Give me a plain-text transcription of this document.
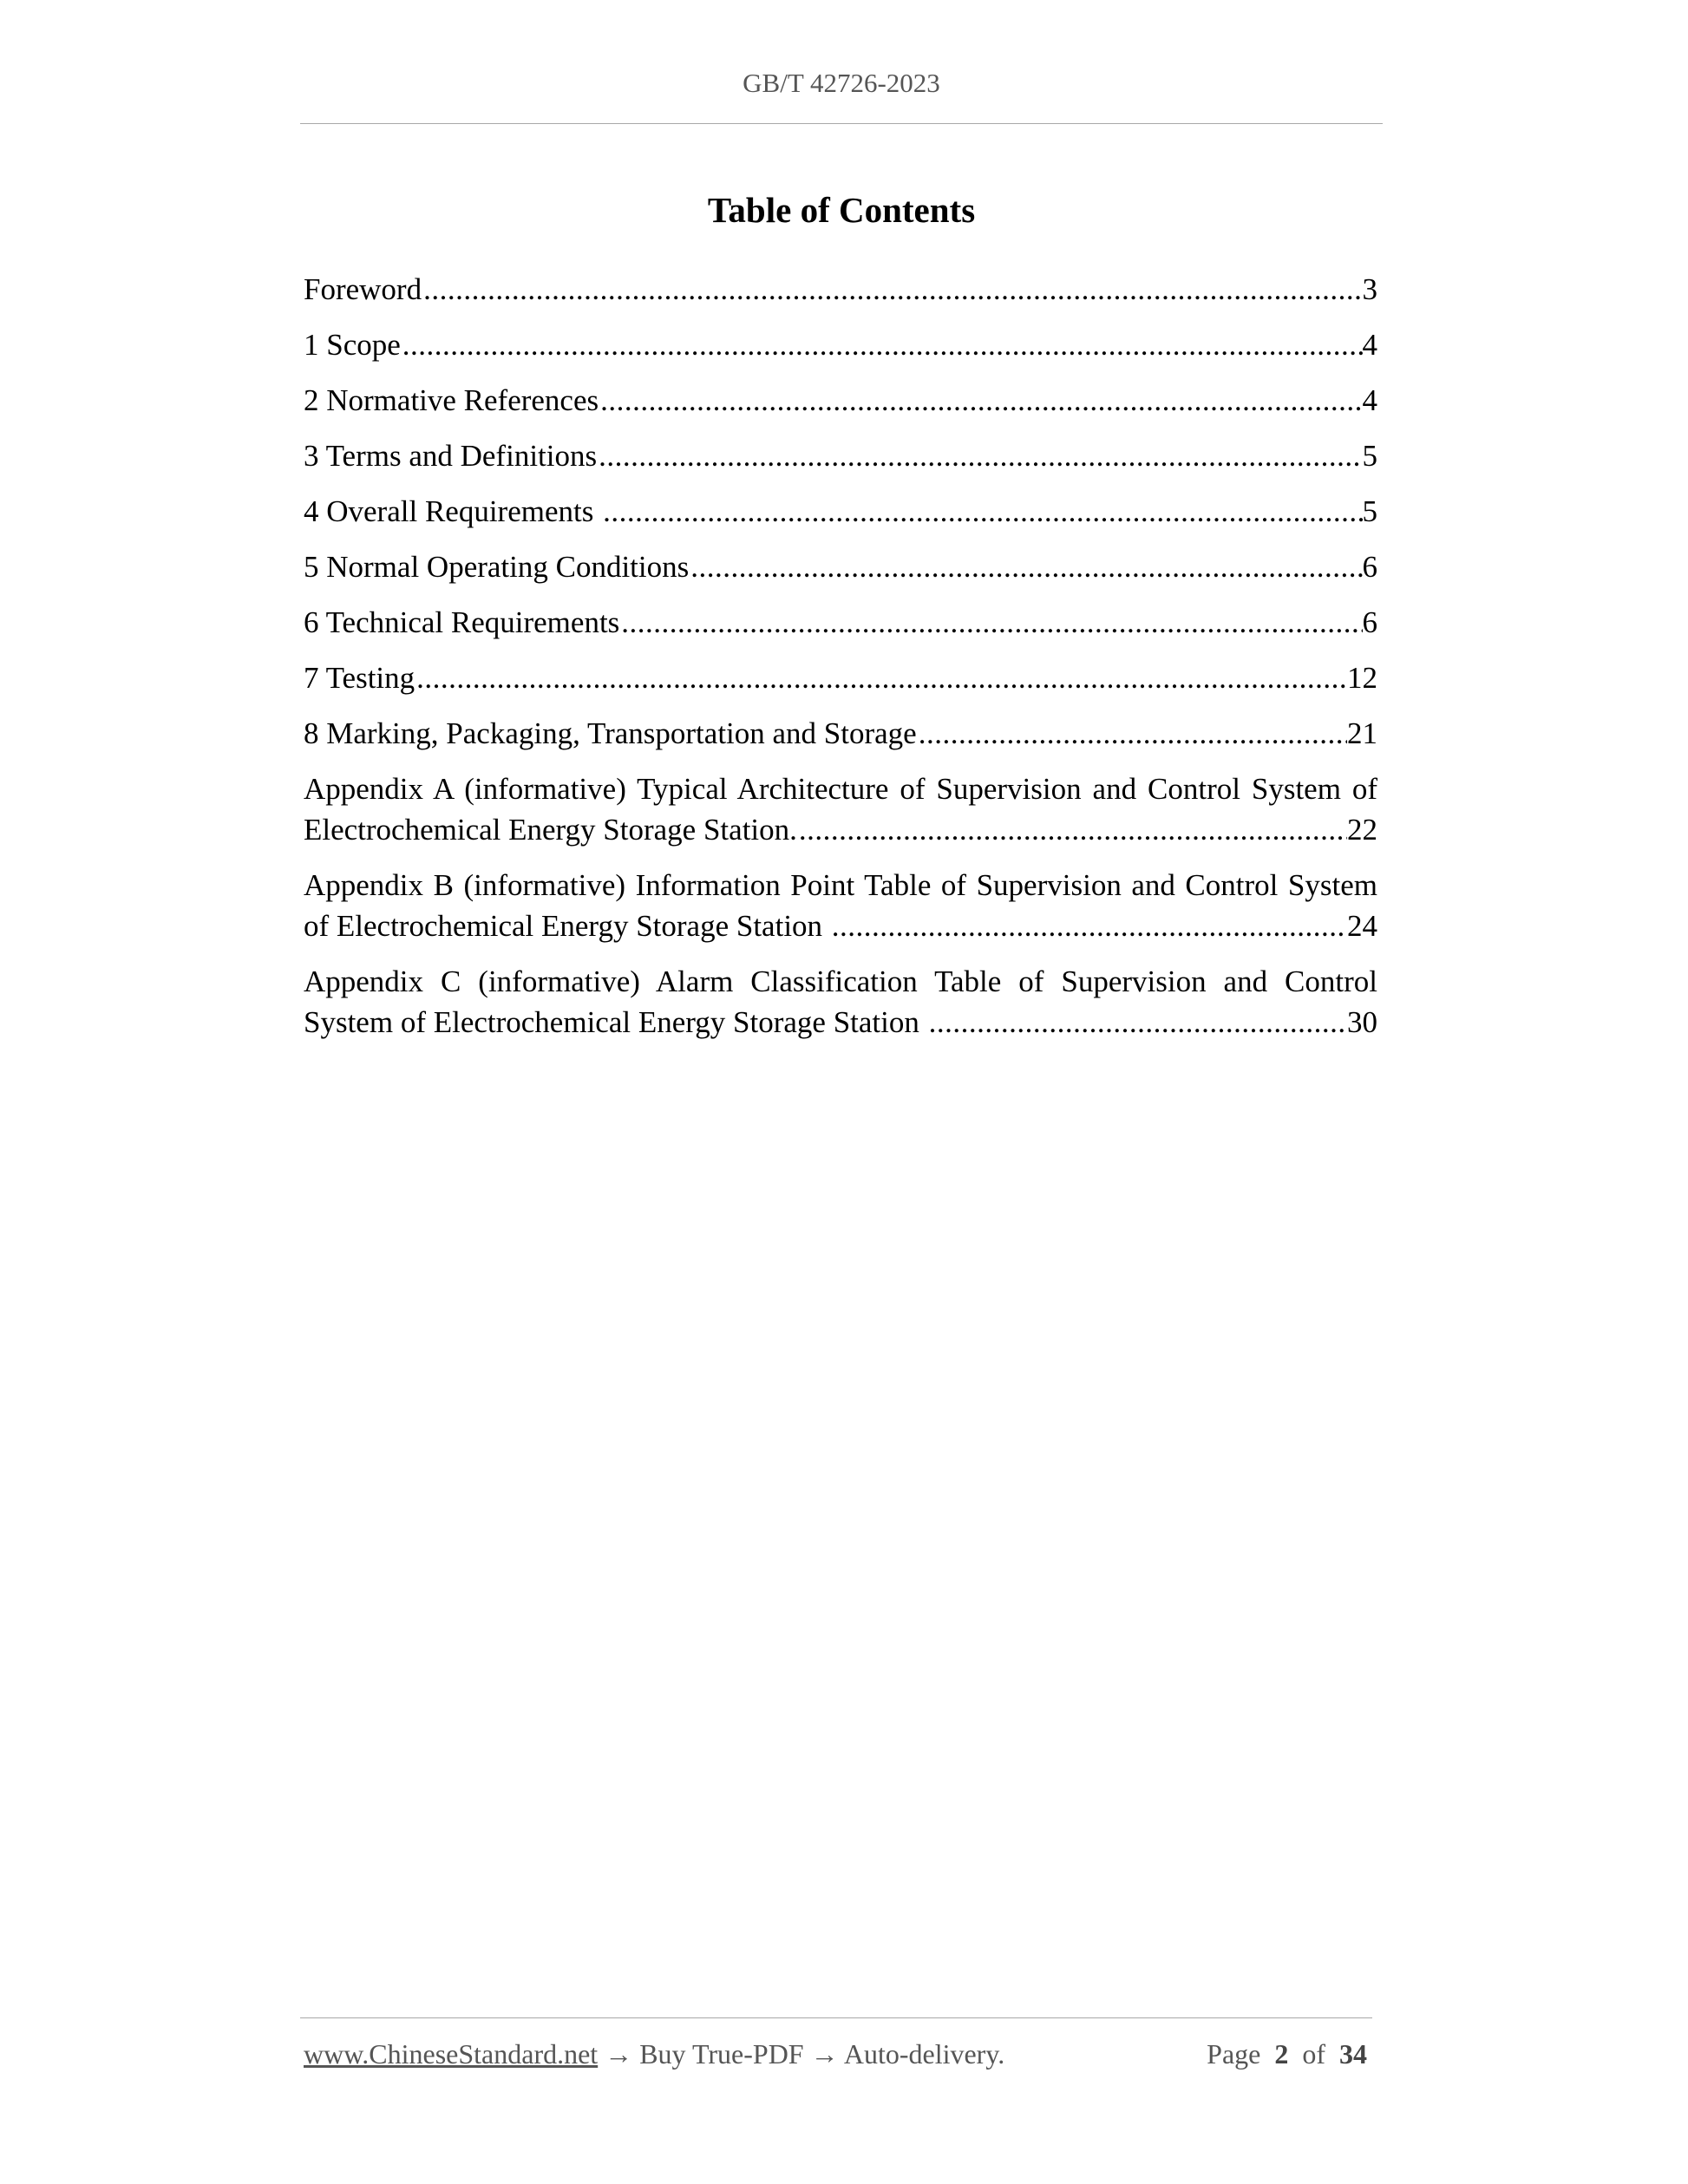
GB/T 42726-2023
Table of Contents
Foreword .....	3
1 Scope .....	4
2 Normative References .....	4
3 Terms and Definitions .....	5
4 Overall Requirements .....	5
5 Normal Operating Conditions .....	6
6 Technical Requirements .....	6
7 Testing .....	12
8 Marking, Packaging, Transportation and Storage .....	21
Appendix A (informative) Typical Architecture of Supervision and Control System of
Electrochemical Energy Storage Station. .....	22
Appendix B (informative) Information Point Table of Supervision and Control System
of Electrochemical Energy Storage Station .....	24
Appendix C (informative) Alarm Classification Table of Supervision and Control
System of Electrochemical Energy Storage Station .....	30
www.ChineseStandard.net → Buy True-PDF → Auto-delivery.	Page 2 of 34
